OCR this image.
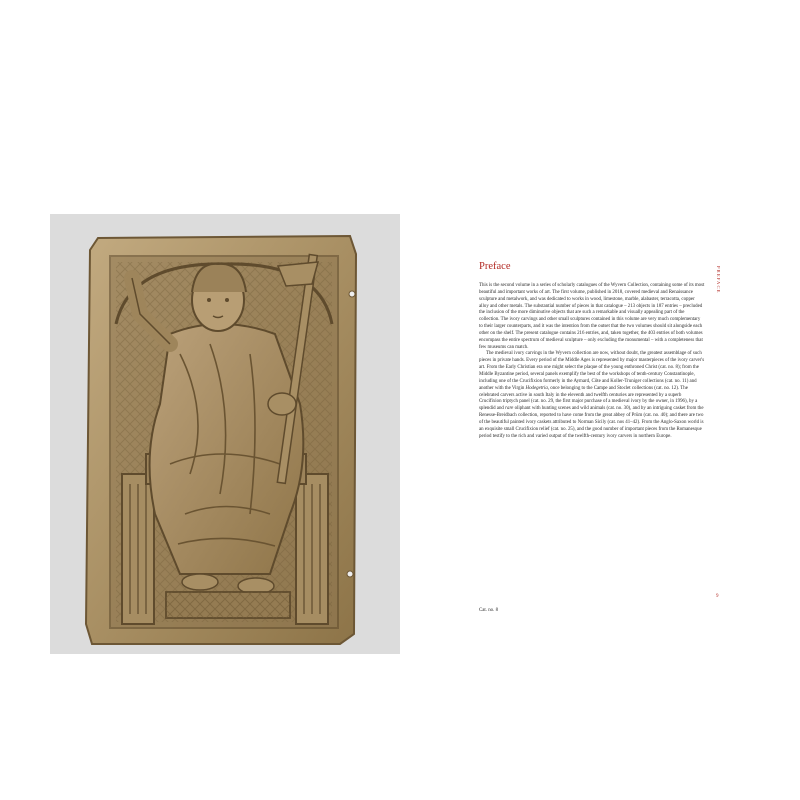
Preface	PREFACE

This is the second volume in a series of scholarly catalogues of the Wyvern Collection, containing some of its most beautiful and important works of art. The first volume, published in 2018, covered medieval and Renaissance sculpture and metalwork, and was dedicated to works in wood, limestone, marble, alabaster, terracotta, copper alloy and other metals. The substantial number of pieces in that catalogue – 213 objects in 187 entries – precluded the inclusion of the more diminutive objects that are such a remarkable and visually appealing part of the collection. The ivory carvings and other small sculptures contained in this volume are very much complementary to their larger counterparts, and it was the intention from the outset that the two volumes should sit alongside each other on the shelf. The present catalogue contains 216 entries, and, taken together, the 403 entries of both volumes encompass the entire spectrum of medieval sculpture – only excluding the monumental – with a completeness that few museums can match.

The medieval ivory carvings in the Wyvern collection are now, without doubt, the greatest assemblage of such pieces in private hands. Every period of the Middle Ages is represented by major masterpieces of the ivory carver's art. From the Early Christian era one might select the plaque of the young enthroned Christ (cat. no. 8); from the Middle Byzantine period, several panels exemplify the best of the workshops of tenth-century Constantinople, including one of the Crucifixion formerly in the Aymard, Côte and Koller-Truniger collections (cat. no. 11) and another with the Virgin Hodegetria, once belonging to the Campe and Stoclet collections (cat. no. 12). The celebrated carvers active in south Italy in the eleventh and twelfth centuries are represented by a superb Crucifixion triptych panel (cat. no. 29, the first major purchase of a medieval ivory by the owner, in 1996), by a splendid and rare oliphant with hunting scenes and wild animals (cat. no. 30), and by an intriguing casket from the Renesse-Breidbach collection, reported to have come from the great abbey of Prüm (cat. no. 40); and there are two of the beautiful painted ivory caskets attributed to Norman Sicily (cat. nos 41–42). From the Anglo-Saxon world is an exquisite small Crucifixion relief (cat. no. 25), and the good number of important pieces from the Romanesque period testify to the rich and varied output of the twelfth-century ivory carvers in northern Europe.

9
Cat. no. 8
